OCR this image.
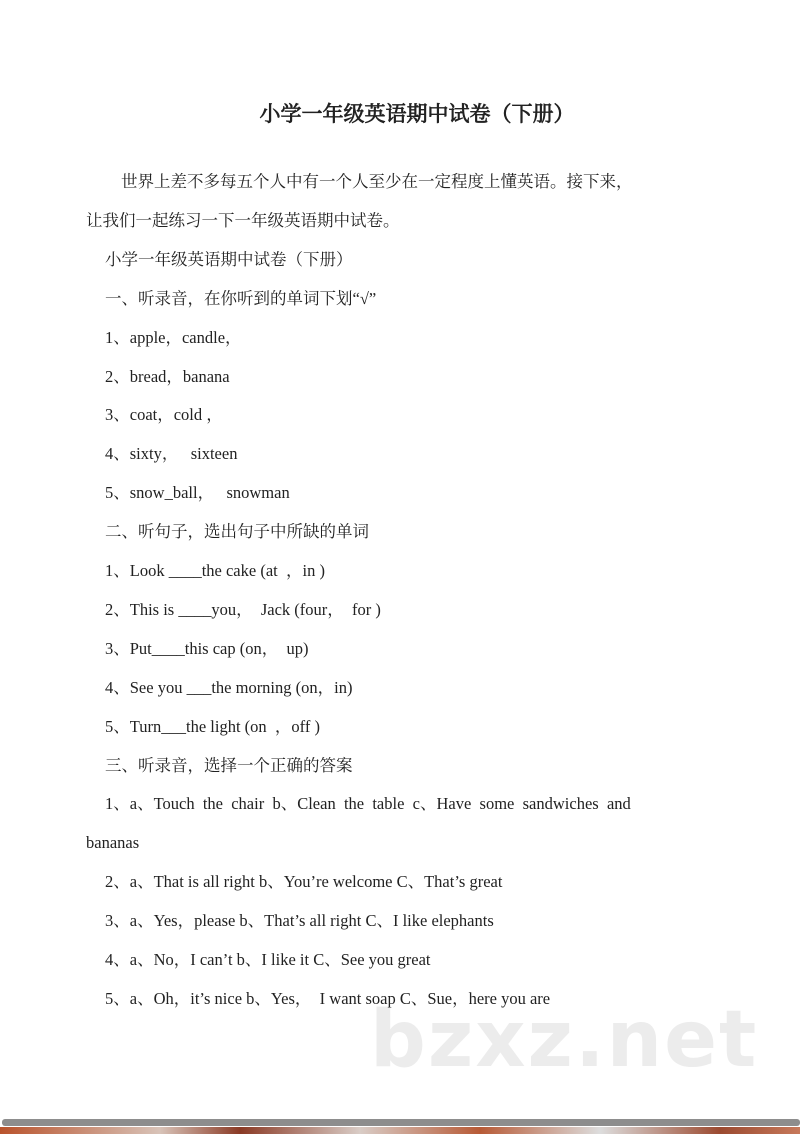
bzxz.net
小学一年级英语期中试卷（下册）
世界上差不多每五个人中有一个人至少在一定程度上懂英语。接下来，
让我们一起练习一下一年级英语期中试卷。
小学一年级英语期中试卷（下册）
一、听录音，在你听到的单词下划“√”
1、apple，candle，
2、bread，banana
3、coat，cold ，
4、sixty，   sixteen
5、snow_ball，   snowman
二、听句子，选出句子中所缺的单词
1、Look ____the cake (at  ，in )
2、This is ____you，  Jack (four，  for )
3、Put____this cap (on，  up)
4、See you ___the morning (on，in)
5、Turn___the light (on  ，off )
三、听录音，选择一个正确的答案
1、a、Touch  the  chair  b、Clean  the  table  c、Have  some  sandwiches  and
bananas
2、a、That is all right b、You’re welcome C、That’s great
3、a、Yes，please b、That’s all right C、I like elephants
4、a、No，I can’t b、I like it C、See you great
5、a、Oh，it’s nice b、Yes，  I want soap C、Sue，here you are
